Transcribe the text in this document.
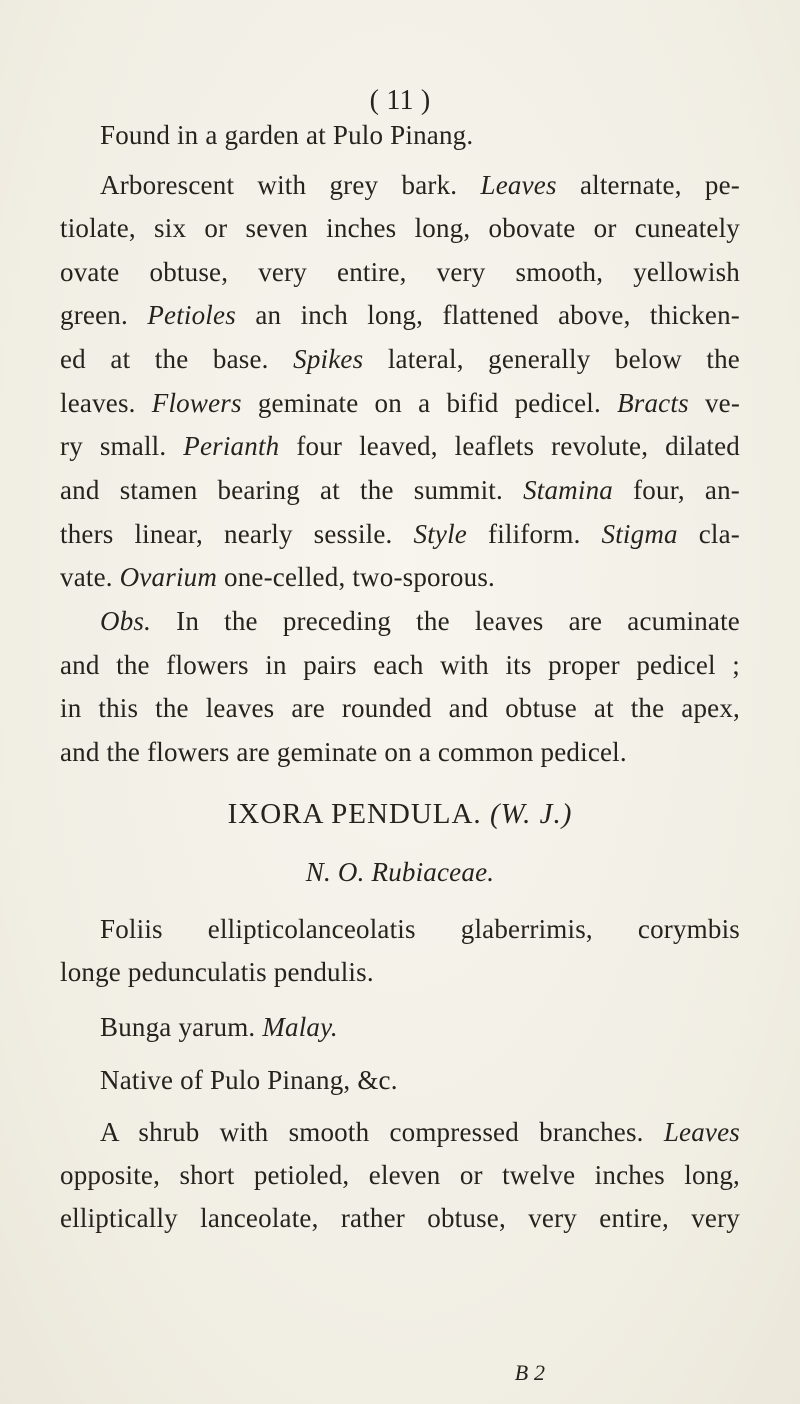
( 11 )
Found in a garden at Pulo Pinang.
Arborescent with grey bark. Leaves alternate, pe-
tiolate, six or seven inches long, obovate or cuneately
ovate obtuse, very entire, very smooth, yellowish
green. Petioles an inch long, flattened above, thicken-
ed at the base. Spikes lateral, generally below the
leaves. Flowers geminate on a bifid pedicel. Bracts ve-
ry small. Perianth four leaved, leaflets revolute, dilated
and stamen bearing at the summit. Stamina four, an-
thers linear, nearly sessile. Style filiform. Stigma cla-
vate. Ovarium one-celled, two-sporous.
Obs. In the preceding the leaves are acuminate
and the flowers in pairs each with its proper pedicel ;
in this the leaves are rounded and obtuse at the apex,
and the flowers are geminate on a common pedicel.
IXORA PENDULA. (W. J.)
N. O. Rubiaceae.
Foliis ellipticolanceolatis glaberrimis, corymbis
longe pedunculatis pendulis.
Bunga yarum. Malay.
Native of Pulo Pinang, &c.
A shrub with smooth compressed branches. Leaves
opposite, short petioled, eleven or twelve inches long,
elliptically lanceolate, rather obtuse, very entire, very
B 2
